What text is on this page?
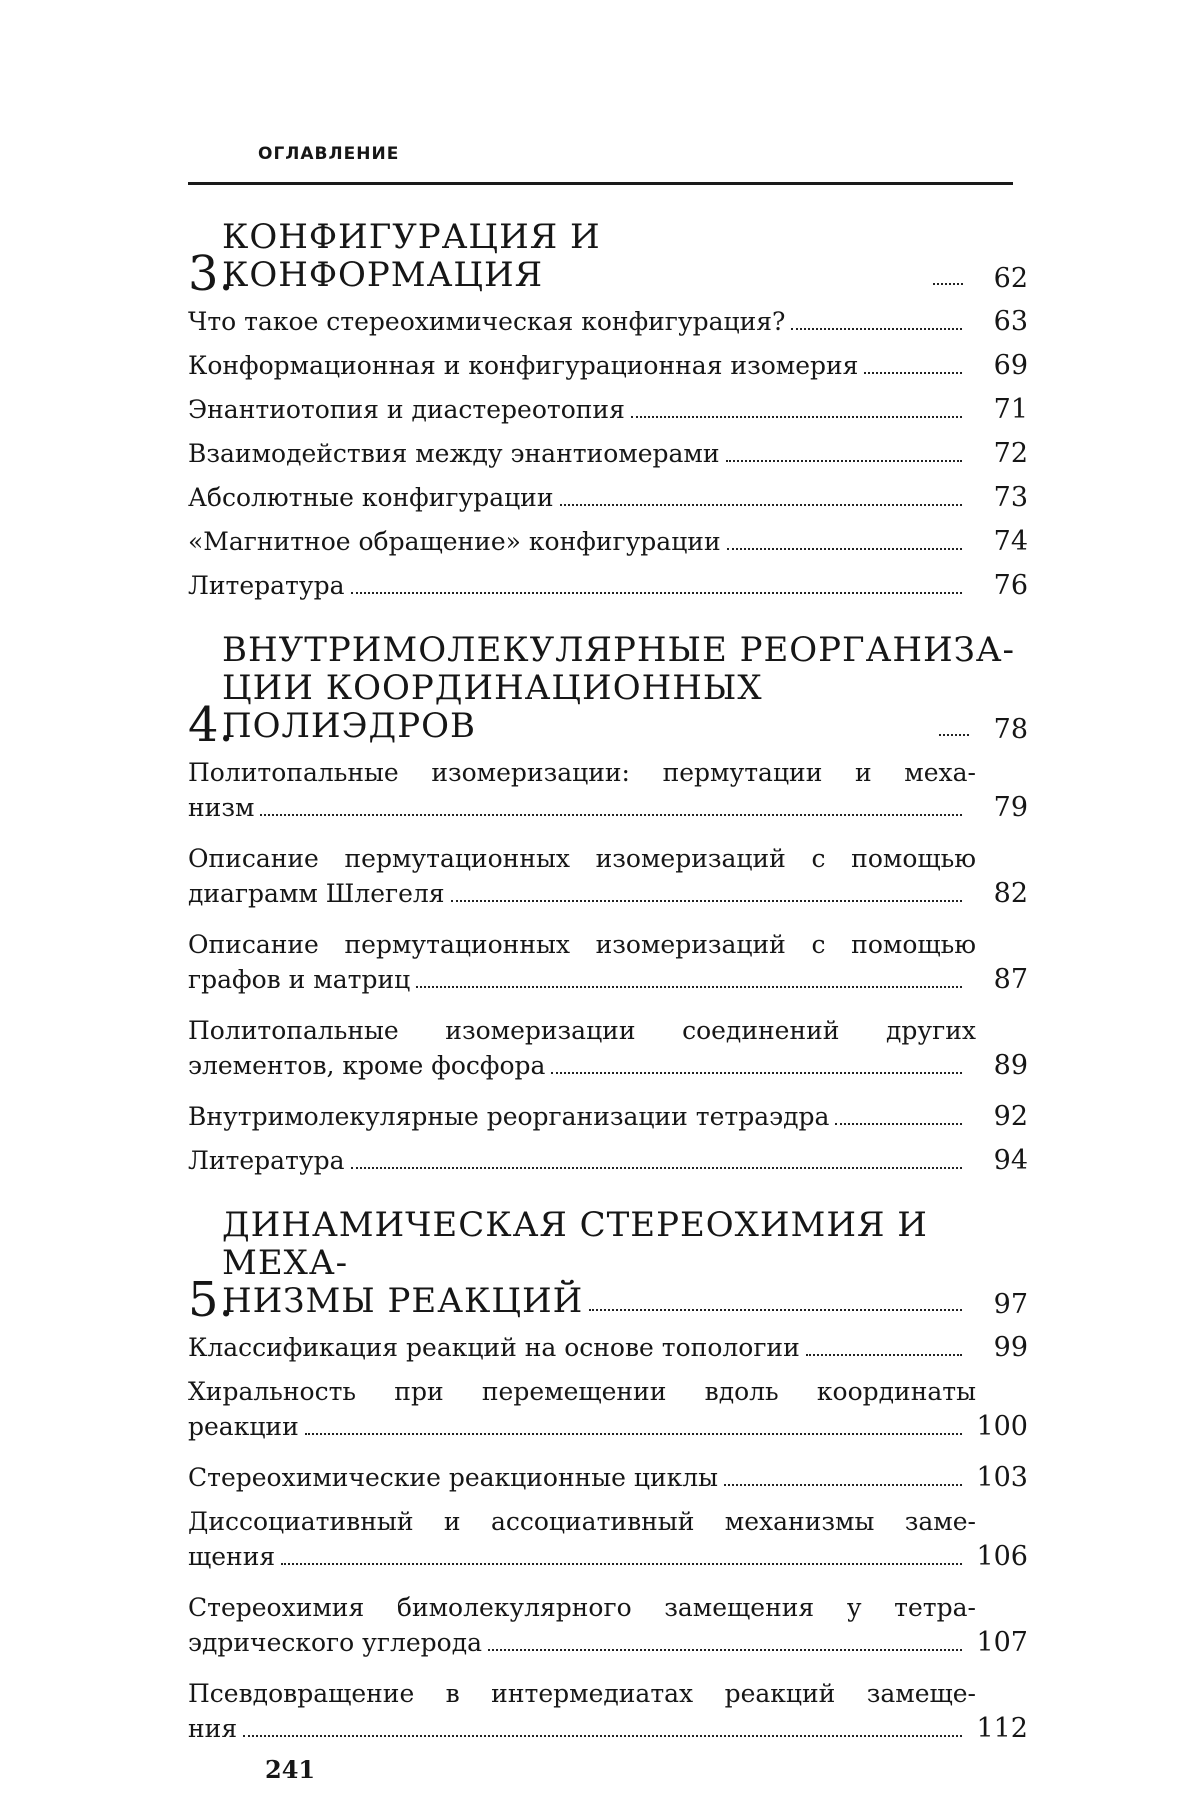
ОГЛАВЛЕНИЕ
3.
КОНФИГУРАЦИЯ И КОНФОРМАЦИЯ	62
Что такое стереохимическая конфигурация?	63
Конформационная и конфигурационная изомерия	69
Энантиотопия и диастереотопия	71
Взаимодействия между энантиомерами	72
Абсолютные конфигурации	73
«Магнитное обращение» конфигурации	74
Литература	76
4.
ВНУТРИМОЛЕКУЛЯРНЫЕ РЕОРГАНИЗА-
ЦИИ КООРДИНАЦИОННЫХ ПОЛИЭДРОВ	78
Политопальные изомеризации: пермутации и меха-
низм	79
Описание пермутационных изомеризаций с помощью
диаграмм Шлегеля	82
Описание пермутационных изомеризаций с помощью
графов и матриц	87
Политопальные изомеризации соединений других
элементов, кроме фосфора	89
Внутримолекулярные реорганизации тетраэдра	92
Литература	94
5.
ДИНАМИЧЕСКАЯ СТЕРЕОХИМИЯ И МЕХА-
НИЗМЫ РЕАКЦИЙ	97
Классификация реакций на основе топологии	99
Хиральность при перемещении вдоль координаты
реакции	100
Стереохимические реакционные циклы	103
Диссоциативный и ассоциативный механизмы заме-
щения	106
Стереохимия бимолекулярного замещения у тетра-
эдрического углерода	107
Псевдовращение в интермедиатах реакций замеще-
ния	112
241
